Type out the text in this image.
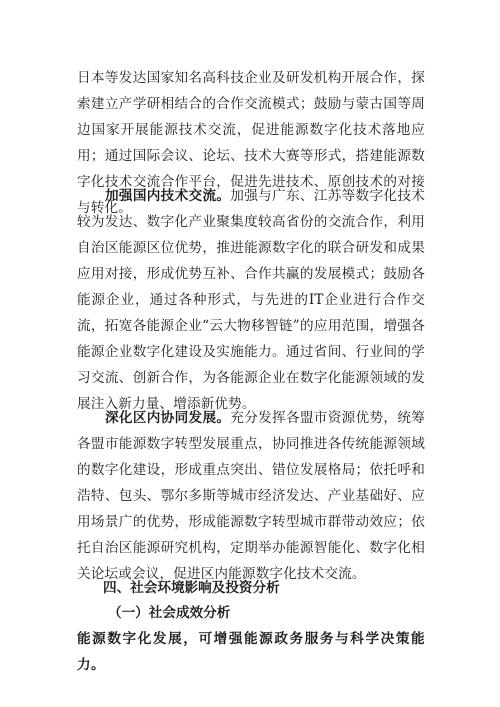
日本等发达国家知名高科技企业及研发机构开展合作，探索建立产学研相结合的合作交流模式；鼓励与蒙古国等周边国家开展能源技术交流，促进能源数字化技术落地应用；通过国际会议、论坛、技术大赛等形式，搭建能源数字化技术交流合作平台，促进先进技术、原创技术的对接与转化。

加强国内技术交流。加强与广东、江苏等数字化技术较为发达、数字化产业聚集度较高省份的交流合作，利用自治区能源区位优势，推进能源数字化的联合研发和成果应用对接，形成优势互补、合作共赢的发展模式；鼓励各能源企业，通过各种形式，与先进的IT企业进行合作交流，拓宽各能源企业“云大物移智链”的应用范围，增强各能源企业数字化建设及实施能力。通过省间、行业间的学习交流、创新合作，为各能源企业在数字化能源领域的发展注入新力量、增添新优势。

深化区内协同发展。充分发挥各盟市资源优势，统筹各盟市能源数字转型发展重点，协同推进各传统能源领域的数字化建设，形成重点突出、错位发展格局；依托呼和浩特、包头、鄂尔多斯等城市经济发达、产业基础好、应用场景广的优势，形成能源数字转型城市群带动效应；依托自治区能源研究机构，定期举办能源智能化、数字化相关论坛或会议，促进区内能源数字化技术交流。

四、社会环境影响及投资分析
（一）社会成效分析

能源数字化发展，可增强能源政务服务与科学决策能力。
